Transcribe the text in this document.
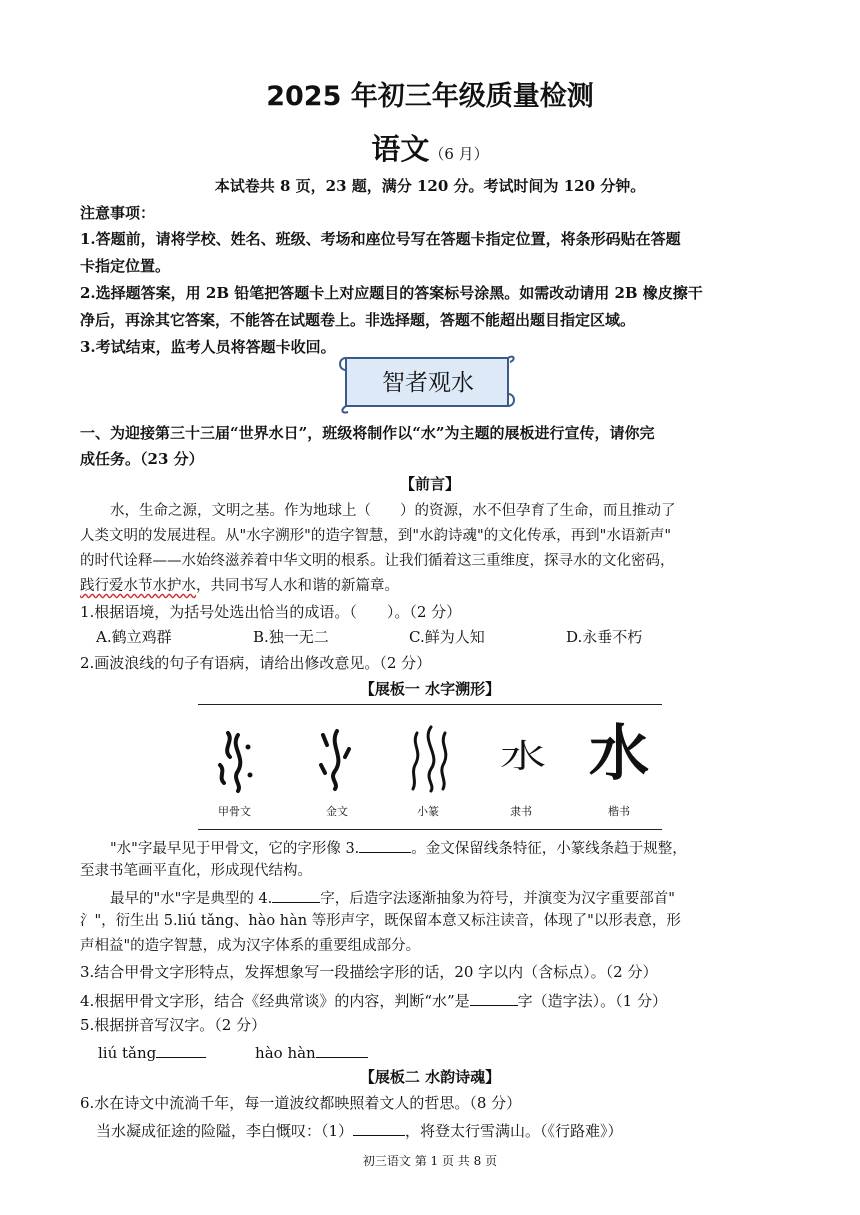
2025 年初三年级质量检测
语文（6 月）
本试卷共 8 页，23 题，满分 120 分。考试时间为 120 分钟。
注意事项：
1.答题前，请将学校、姓名、班级、考场和座位号写在答题卡指定位置，将条形码贴在答题
卡指定位置。
2.选择题答案，用 2B 铅笔把答题卡上对应题目的答案标号涂黑。如需改动请用 2B 橡皮擦干
净后，再涂其它答案，不能答在试题卷上。非选择题，答题不能超出题目指定区域。
3.考试结束，监考人员将答题卡收回。
智者观水
一、为迎接第三十三届“世界水日”，班级将制作以“水”为主题的展板进行宣传，请你完
成任务。（23 分）
【前言】
水，生命之源，文明之基。作为地球上（　　）的资源，水不但孕育了生命，而且推动了
人类文明的发展进程。从"水字溯形"的造字智慧，到"水韵诗魂"的文化传承，再到"水语新声"
的时代诠释——水始终滋养着中华文明的根系。让我们循着这三重维度，探寻水的文化密码，
践行爱水节水护水，共同书写人水和谐的新篇章。
1.根据语境，为括号处选出恰当的成语。（　　）。（2 分）
A.鹤立鸡群	B.独一无二	C.鲜为人知	D.永垂不朽
2.画波浪线的句子有语病，请给出修改意见。（2 分）
【展板一 水字溯形】
水 水
甲骨文	金文	小篆	隶书	楷书
"水"字最早见于甲骨文，它的字形像 3.	。金文保留线条特征，小篆线条趋于规整，
至隶书笔画平直化，形成现代结构。
最早的"水"字是典型的 4.	字，后造字法逐渐抽象为符号，并演变为汉字重要部首"
氵"，衍生出 5.liú tǎng、hào hàn 等形声字，既保留本意又标注读音，体现了"以形表意，形
声相益"的造字智慧，成为汉字体系的重要组成部分。
3.结合甲骨文字形特点，发挥想象写一段描绘字形的话，20 字以内（含标点）。（2 分）
4.根据甲骨文字形，结合《经典常谈》的内容，判断“水”是	字（造字法）。（1 分）
5.根据拼音写汉字。（2 分）
liú tǎng	hào hàn
【展板二 水韵诗魂】
6.水在诗文中流淌千年，每一道波纹都映照着文人的哲思。（8 分）
当水凝成征途的险隘，李白慨叹：（1）	，将登太行雪满山。（《行路难》）
初三语文 第 1 页 共 8 页
